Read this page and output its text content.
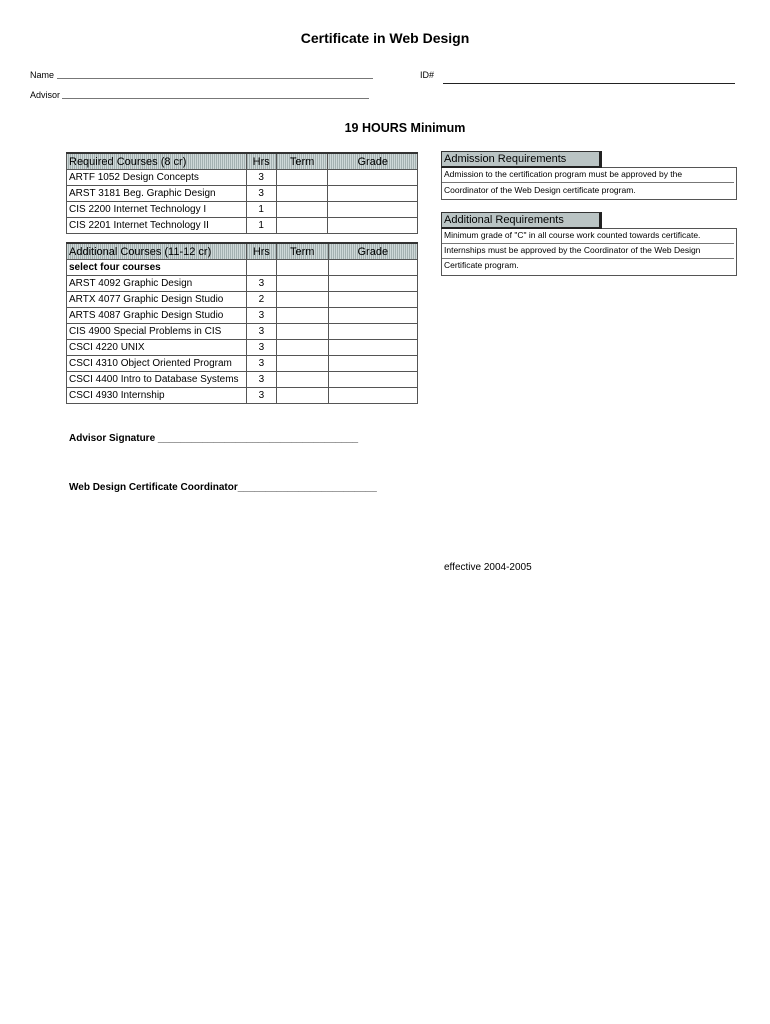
Certificate in Web Design
Name	ID#
Advisor
19 HOURS Minimum
Required Courses (8 cr)	Hrs	Term	Grade
ARTF 1052 Design Concepts	3		
ARST 3181 Beg. Graphic Design	3		
CIS 2200 Internet Technology I	1		
CIS 2201 Internet Technology II	1		
Additional Courses (11-12 cr)	Hrs	Term	Grade
select four courses			
ARST 4092 Graphic Design	3		
ARTX 4077 Graphic Design Studio	2		
ARTS 4087 Graphic Design Studio	3		
CIS 4900 Special Problems in CIS	3		
CSCI 4220 UNIX	3		
CSCI 4310 Object Oriented Program	3		
CSCI 4400 Intro to Database Systems	3		
CSCI 4930 Internship	3		
Admission Requirements
Admission to the certification program must be approved by the
Coordinator of the Web Design certificate program.
Additional Requirements
Minimum grade of "C" in all course work counted towards certificate.
Internships must be approved by the Coordinator of the Web Design
Certificate program.
Advisor Signature ____________________________________
Web Design Certificate Coordinator_________________________
effective 2004-2005
